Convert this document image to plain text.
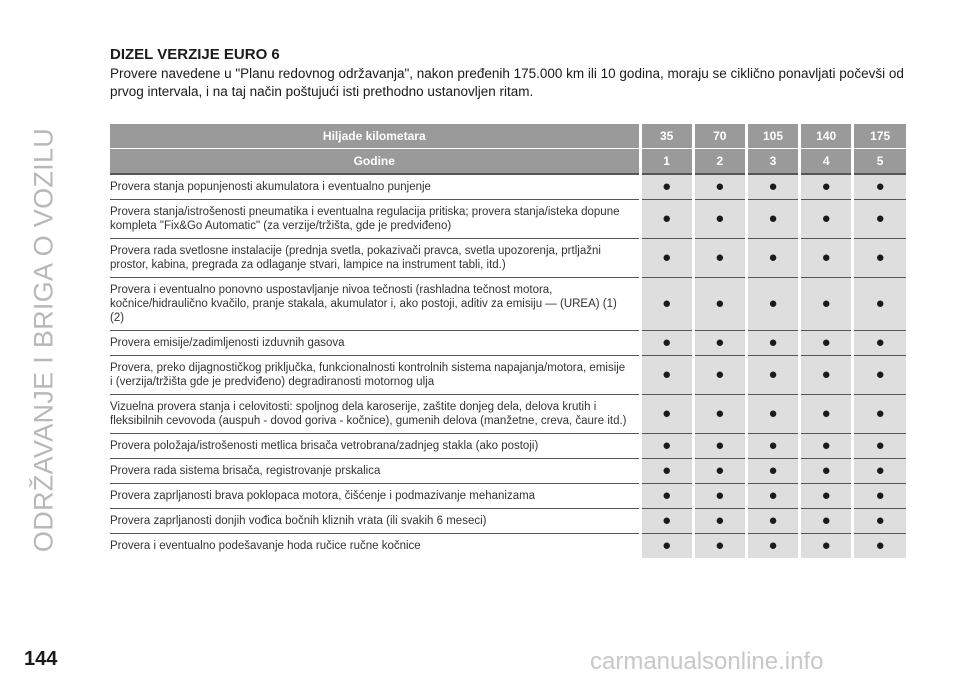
ODRŽAVANJE I BRIGA O VOZILU
DIZEL VERZIJE EURO 6

Provere navedene u "Planu redovnog održavanja", nakon pređenih 175.000 km ili 10 godina, moraju se ciklično ponavljati počevši od prvog intervala, i na taj način poštujući isti prethodno ustanovljen ritam.

Hiljade kilometara	35	70	105	140	175
Godine	1	2	3	4	5
Provera stanja popunjenosti akumulatora i eventualno punjenje	●	●	●	●	●
Provera stanja/istrošenosti pneumatika i eventualna regulacija pritiska; provera stanja/isteka dopune kompleta "Fix&Go Automatic" (za verzije/tržišta, gde je predviđeno)	●	●	●	●	●
Provera rada svetlosne instalacije (prednja svetla, pokazivači pravca, svetla upozorenja, prtljažni prostor, kabina, pregrada za odlaganje stvari, lampice na instrument tabli, itd.)	●	●	●	●	●
Provera i eventualno ponovno uspostavljanje nivoa tečnosti (rashladna tečnost motora, kočnice/hidraulično kvačilo, pranje stakala, akumulator i, ako postoji, aditiv za emisiju — (UREA) (1) (2)	●	●	●	●	●
Provera emisije/zadimljenosti izduvnih gasova	●	●	●	●	●
Provera, preko dijagnostičkog priključka, funkcionalnosti kontrolnih sistema napajanja/motora, emisije i (verzija/tržišta gde je predviđeno) degradiranosti motornog ulja	●	●	●	●	●
Vizuelna provera stanja i celovitosti: spoljnog dela karoserije, zaštite donjeg dela, delova krutih i fleksibilnih cevovoda (auspuh - dovod goriva - kočnice), gumenih delova (manžetne, creva, čaure itd.)	●	●	●	●	●
Provera položaja/istrošenosti metlica brisača vetrobrana/zadnjeg stakla (ako postoji)	●	●	●	●	●
Provera rada sistema brisača, registrovanje prskalica	●	●	●	●	●
Provera zaprljanosti brava poklopaca motora, čišćenje i podmazivanje mehanizama	●	●	●	●	●
Provera zaprljanosti donjih vođica bočnih kliznih vrata (ili svakih 6 meseci)	●	●	●	●	●
Provera i eventualno podešavanje hoda ručice ručne kočnice	●	●	●	●	●
144	carmanualsonline.info
